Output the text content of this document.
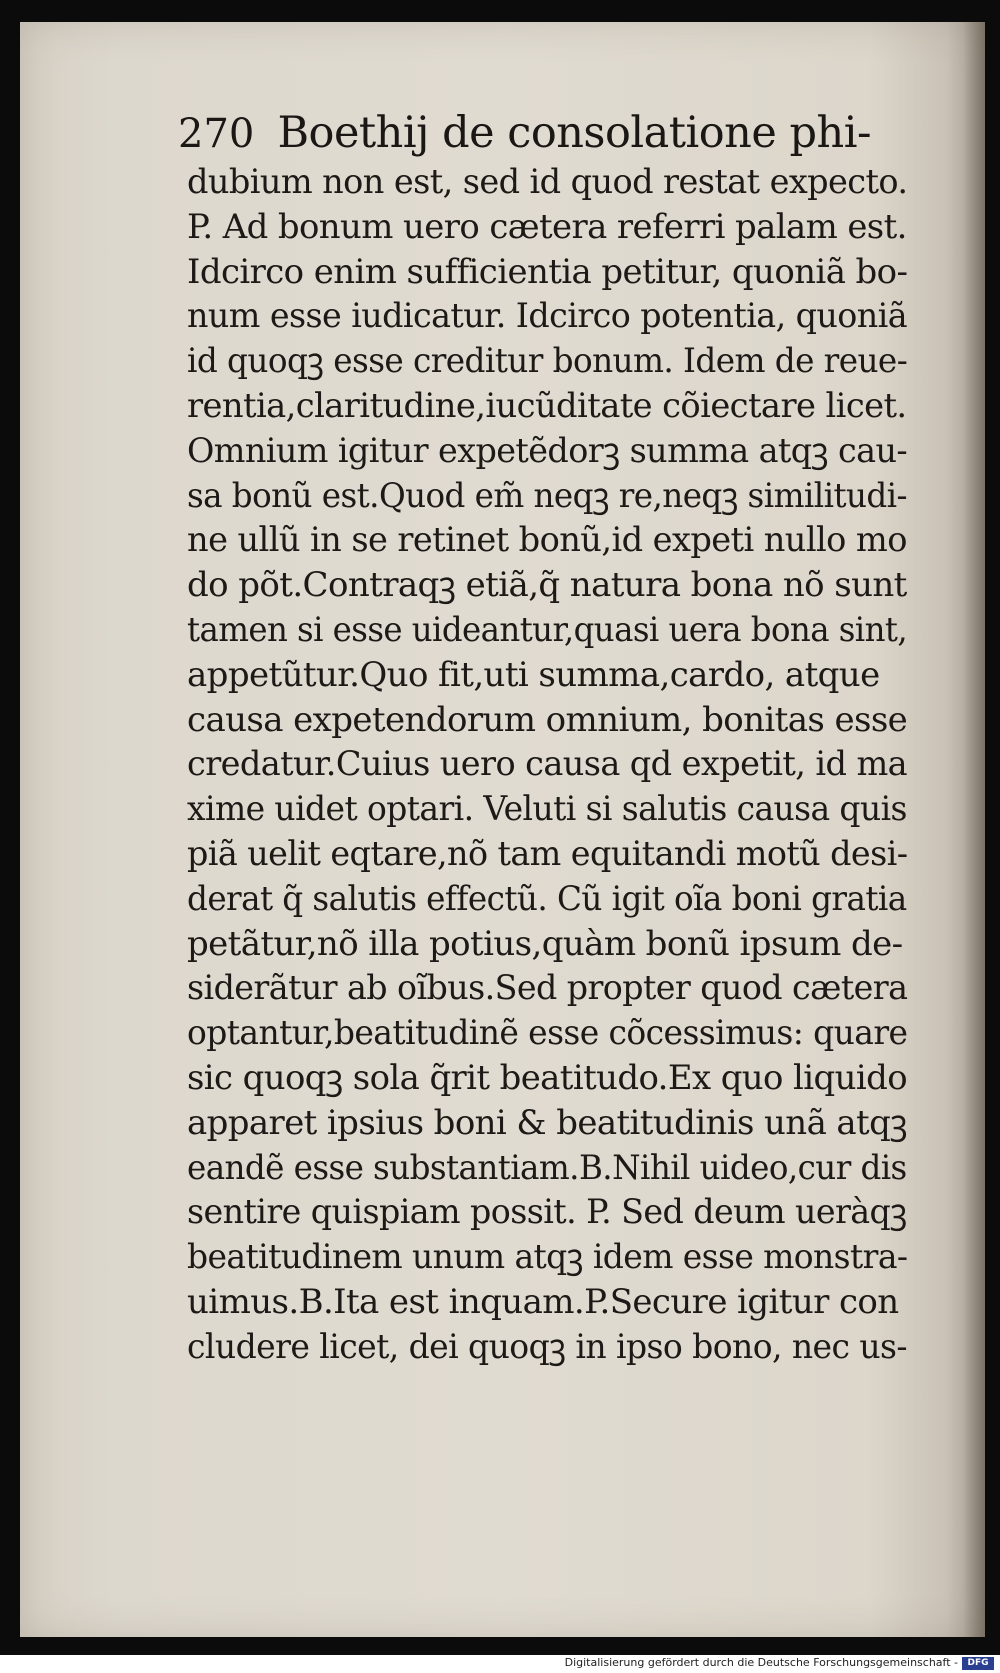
270 Boethij de consolatione phi-
dubium non est, sed id quod restat expecto.
P. Ad bonum uero cætera referri palam est.
Idcirco enim sufficientia petitur, quoniã bo-
num esse iudicatur. Idcirco potentia, quoniã
id quoqꝫ esse creditur bonum. Idem de reue-
rentia,claritudine,iucũditate cõiectare licet.
Omnium igitur expetẽdorꝫ summa atqꝫ cau-
sa bonũ est.Quod em̃ neqꝫ re,neqꝫ similitudi-
ne ullũ in se retinet bonũ,id expeti nullo mo
do põt.Contraqꝫ etiã,q̃ natura bona nõ sunt
tamen si esse uideantur,quasi uera bona sint,
appetũtur.Quo fit,uti summa,cardo, atque
causa expetendorum omnium, bonitas esse
credatur.Cuius uero causa qd expetit, id ma
xime uidet optari. Veluti si salutis causa quis
piã uelit eqtare,nõ tam equitandi motũ desi-
derat q̃ salutis effectũ. Cũ igit oĩa boni gratia
petãtur,nõ illa potius,quàm bonũ ipsum de-
siderãtur ab oĩbus.Sed propter quod cætera
optantur,beatitudinẽ esse cõcessimus: quare
sic quoqꝫ sola q̃rit beatitudo.Ex quo liquido
apparet ipsius boni & beatitudinis unã atqꝫ
eandẽ esse substantiam.B.Nihil uideo,cur dis
sentire quispiam possit. P. Sed deum ueràqꝫ
beatitudinem unum atqꝫ idem esse monstra-
uimus.B.Ita est inquam.P.Secure igitur con
cludere licet, dei quoqꝫ in ipso bono, nec us-
Digitalisierung gefördert durch die Deutsche Forschungsgemeinschaft -	DFG
